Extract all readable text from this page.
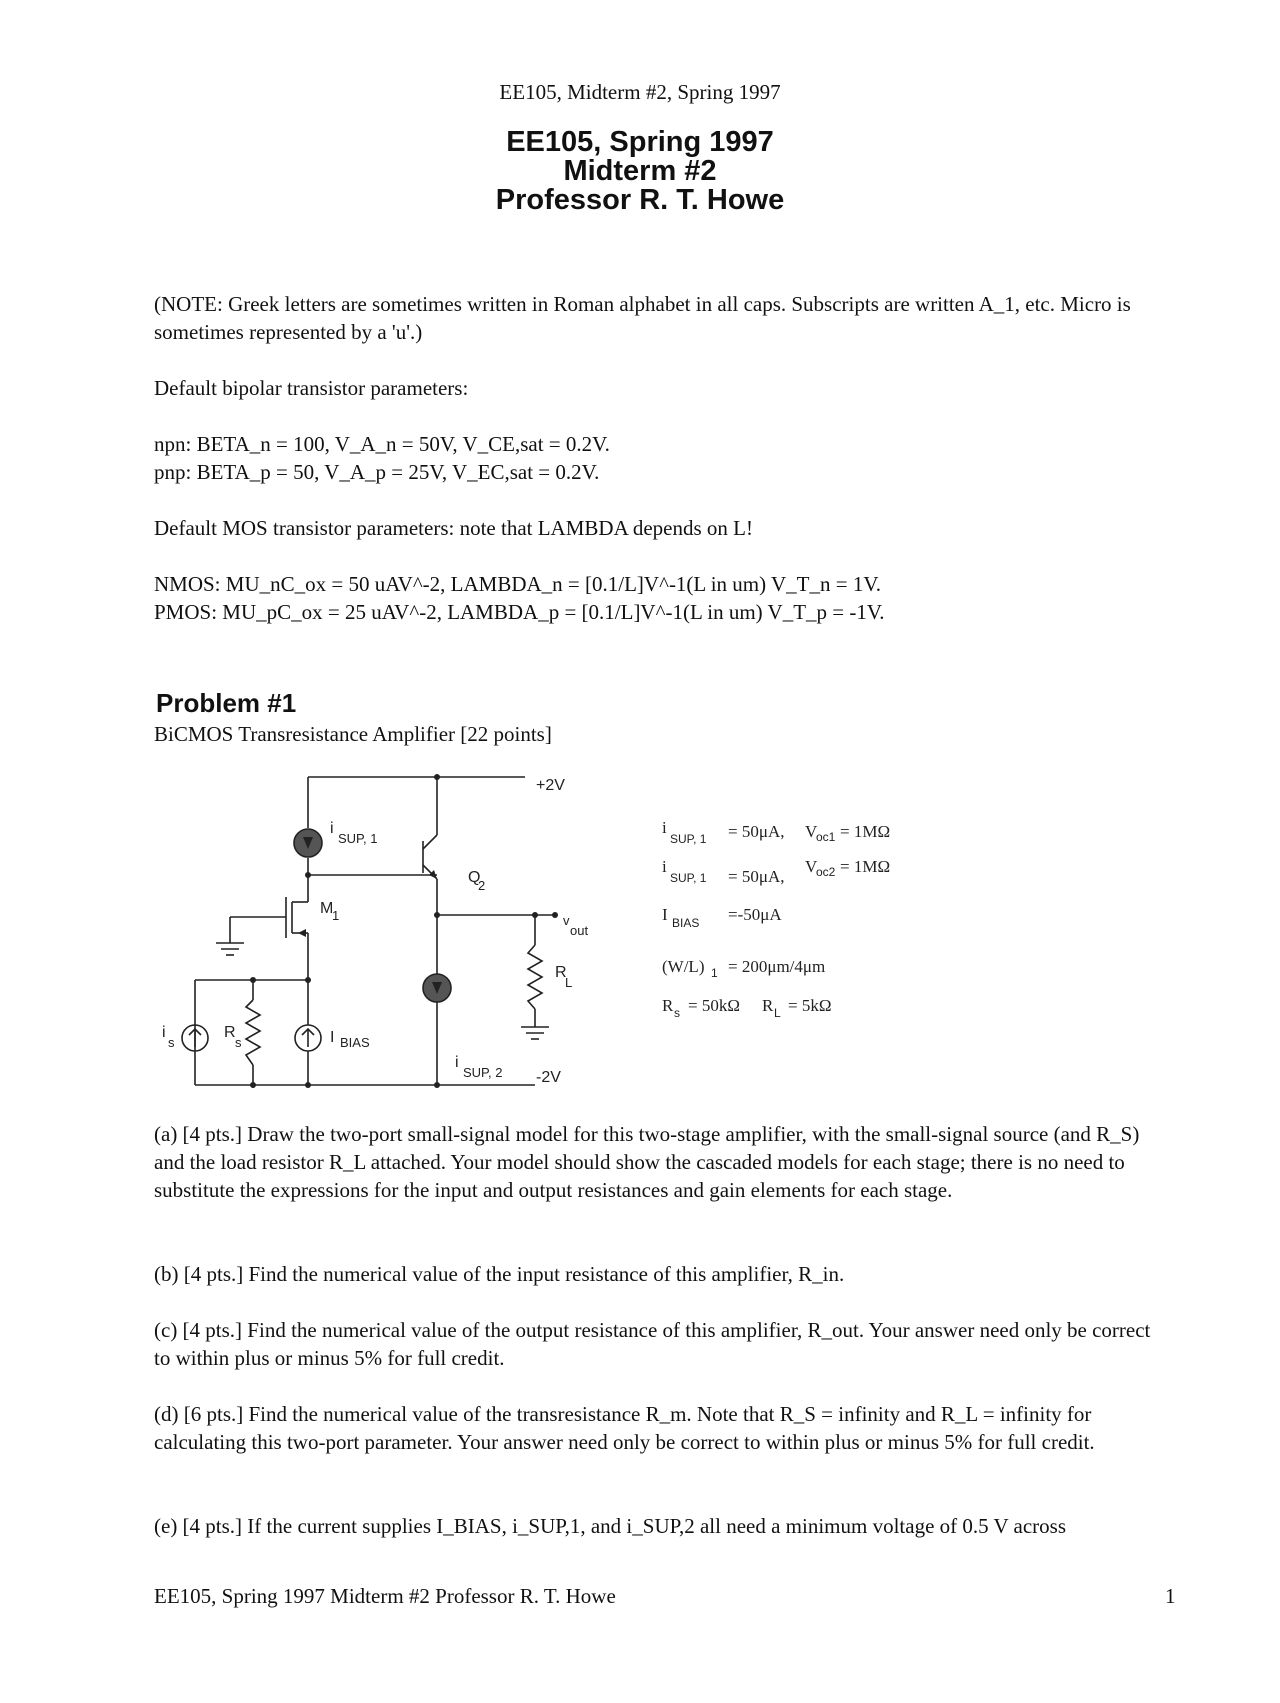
EE105, Midterm #2, Spring 1997
EE105, Spring 1997
Midterm #2
Professor R. T. Howe
(NOTE: Greek letters are sometimes written in Roman alphabet in all caps. Subscripts are written A_1, etc. Micro is sometimes represented by a 'u'.)
Default bipolar transistor parameters:
npn: BETA_n = 100, V_A_n = 50V, V_CE,sat = 0.2V.
pnp: BETA_p = 50, V_A_p = 25V, V_EC,sat = 0.2V.
Default MOS transistor parameters: note that LAMBDA depends on L!
NMOS: MU_nC_ox = 50 uAV^-2, LAMBDA_n = [0.1/L]V^-1(L in um) V_T_n = 1V.
PMOS: MU_pC_ox = 25 uAV^-2, LAMBDA_p = [0.1/L]V^-1(L in um) V_T_p = -1V.
Problem #1
BiCMOS Transresistance Amplifier [22 points]
+2V
-2V
i
SUP, 1
i
SUP, 2
Q
2
M
1	v
out
R
L
i
s
R
s	I BIAS
i
SUP, 1 = 50μA, V
oc1 = 1MΩ
i
SUP, 1 = 50μA,
V
oc2 = 1MΩ
I BIAS =-50μA
(W/L) 1 = 200μm/4μm
R s = 50kΩ R L = 5kΩ
(a) [4 pts.] Draw the two-port small-signal model for this two-stage amplifier, with the small-signal source (and R_S) and the load resistor R_L attached. Your model should show the cascaded models for each stage; there is no need to substitute the expressions for the input and output resistances and gain elements for each stage.
(b) [4 pts.] Find the numerical value of the input resistance of this amplifier, R_in.
(c) [4 pts.] Find the numerical value of the output resistance of this amplifier, R_out. Your answer need only be correct to within plus or minus 5% for full credit.
(d) [6 pts.] Find the numerical value of the transresistance R_m. Note that R_S = infinity and R_L = infinity for calculating this two-port parameter. Your answer need only be correct to within plus or minus 5% for full credit.
(e) [4 pts.] If the current supplies I_BIAS, i_SUP,1, and i_SUP,2 all need a minimum voltage of 0.5 V across
EE105, Spring 1997 Midterm #2 Professor R. T. Howe	1
